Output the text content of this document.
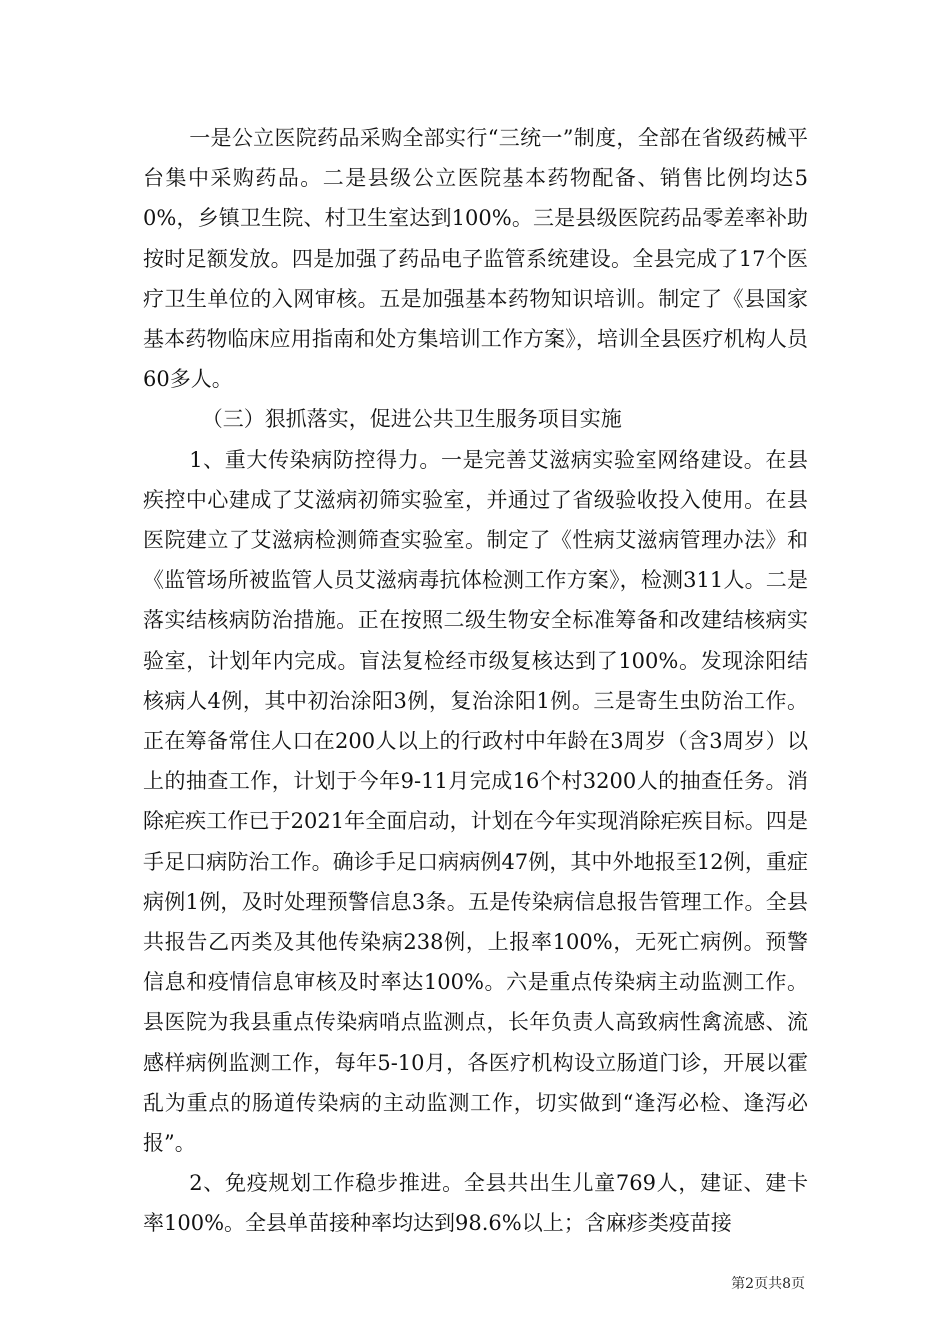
一是公立医院药品采购全部实行“三统一”制度，全部在省级药械平台集中采购药品。二是县级公立医院基本药物配备、销售比例均达50%，乡镇卫生院、村卫生室达到100%。三是县级医院药品零差率补助按时足额发放。四是加强了药品电子监管系统建设。全县完成了17个医疗卫生单位的入网审核。五是加强基本药物知识培训。制定了《县国家基本药物临床应用指南和处方集培训工作方案》，培训全县医疗机构人员60多人。

（三）狠抓落实，促进公共卫生服务项目实施

1、重大传染病防控得力。一是完善艾滋病实验室网络建设。在县疾控中心建成了艾滋病初筛实验室，并通过了省级验收投入使用。在县医院建立了艾滋病检测筛查实验室。制定了《性病艾滋病管理办法》和《监管场所被监管人员艾滋病毒抗体检测工作方案》，检测311人。二是落实结核病防治措施。正在按照二级生物安全标准筹备和改建结核病实验室，计划年内完成。盲法复检经市级复核达到了100%。发现涂阳结核病人4例，其中初治涂阳3例，复治涂阳1例。三是寄生虫防治工作。正在筹备常住人口在200人以上的行政村中年龄在3周岁（含3周岁）以上的抽查工作，计划于今年9-11月完成16个村3200人的抽查任务。消除疟疾工作已于2021年全面启动，计划在今年实现消除疟疾目标。四是手足口病防治工作。确诊手足口病病例47例，其中外地报至12例，重症病例1例，及时处理预警信息3条。五是传染病信息报告管理工作。全县共报告乙丙类及其他传染病238例，上报率100%，无死亡病例。预警信息和疫情信息审核及时率达100%。六是重点传染病主动监测工作。县医院为我县重点传染病哨点监测点，长年负责人高致病性禽流感、流感样病例监测工作，每年5-10月，各医疗机构设立肠道门诊，开展以霍乱为重点的肠道传染病的主动监测工作，切实做到“逢泻必检、逢泻必报”。

2、免疫规划工作稳步推进。全县共出生儿童769人，建证、建卡率100%。全县单苗接种率均达到98.6%以上；含麻疹类疫苗接

第2页共8页
